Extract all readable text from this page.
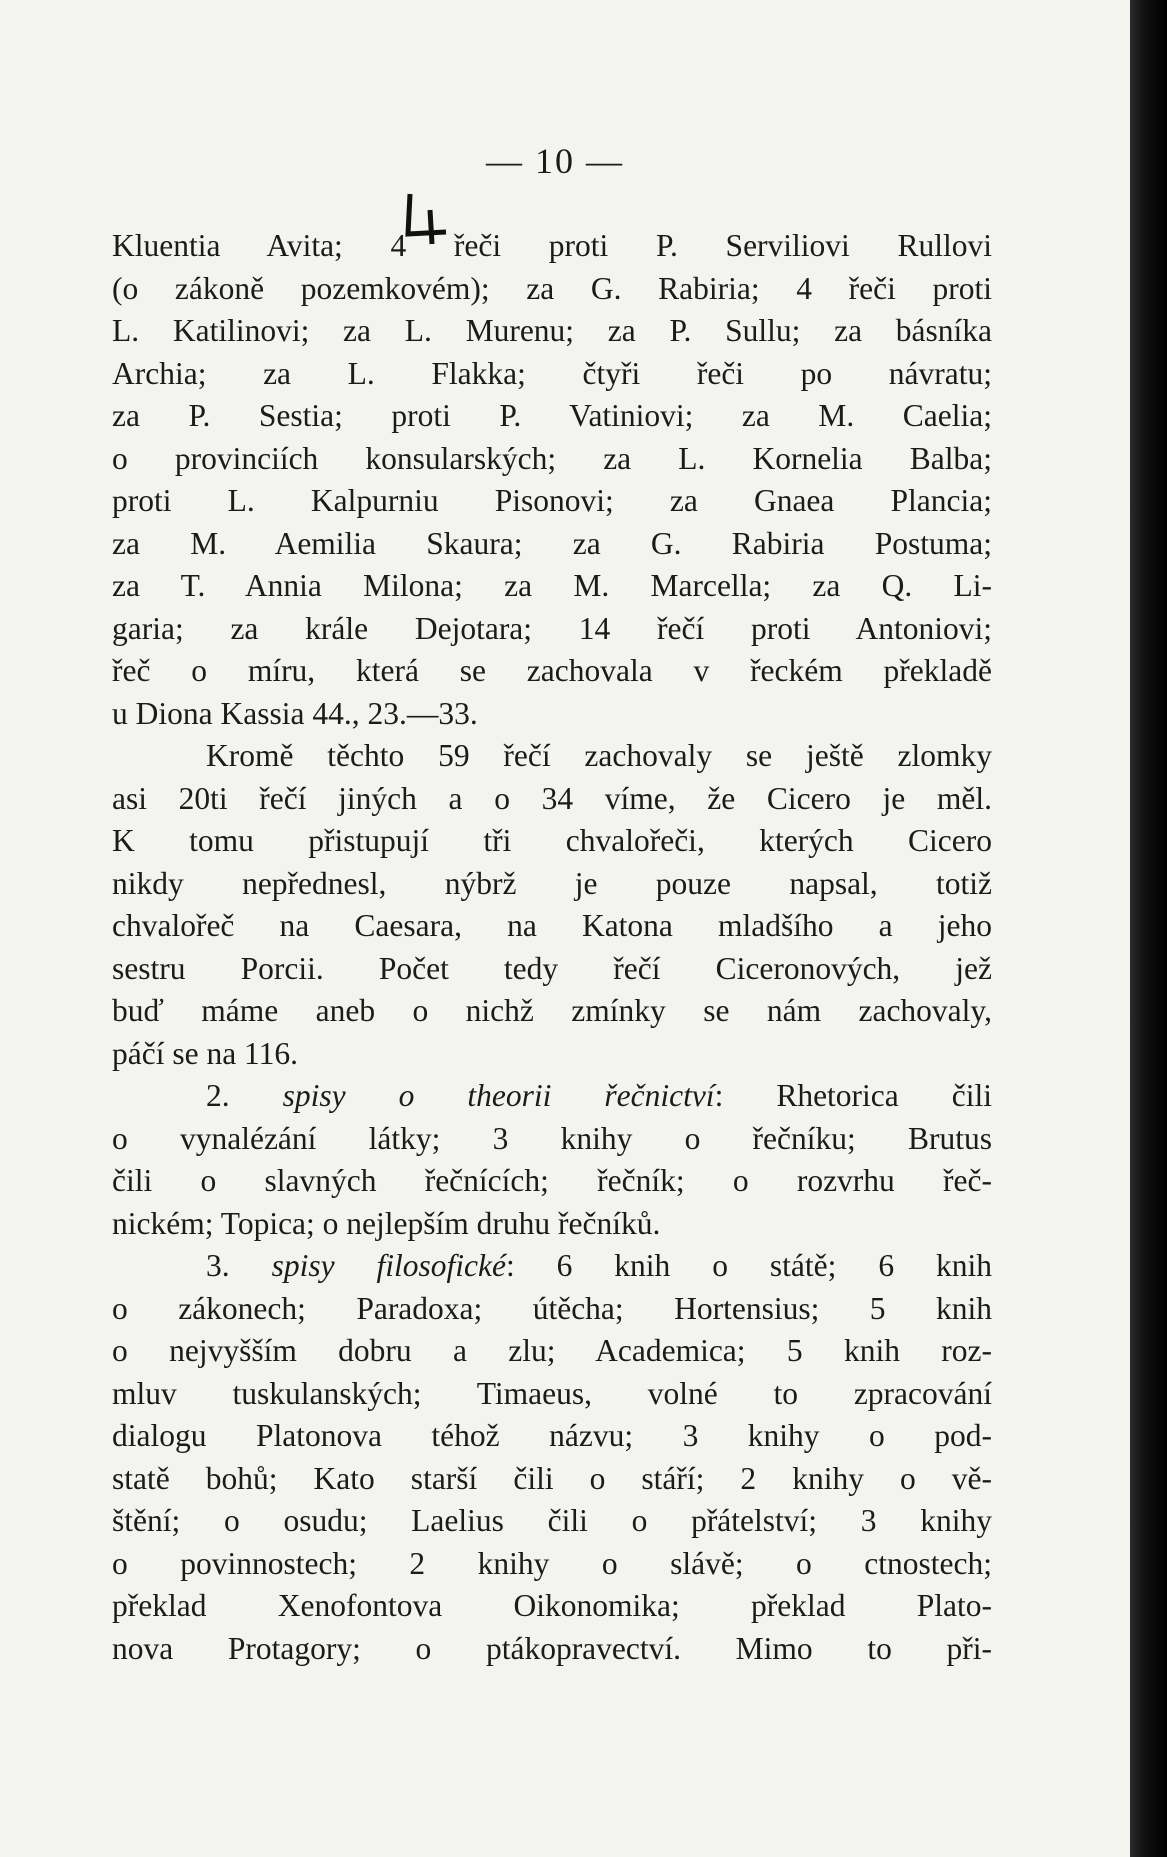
— 10 —
Kluentia Avita; 4 řeči proti P. Serviliovi Rullovi
(o zákoně pozemkovém); za G. Rabiria; 4 řeči proti
L. Katilinovi; za L. Murenu; za P. Sullu; za básníka
Archia; za L. Flakka; čtyři řeči po návratu;
za P. Sestia; proti P. Vatiniovi; za M. Caelia;
o provinciích konsularských; za L. Kornelia Balba;
proti L. Kalpurniu Pisonovi; za Gnaea Plancia;
za M. Aemilia Skaura; za G. Rabiria Postuma;
za T. Annia Milona; za M. Marcella; za Q. Li-
garia; za krále Dejotara; 14 řečí proti Antoniovi;
řeč o míru, která se zachovala v řeckém překladě
u Diona Kassia 44., 23.—33.
Kromě těchto 59 řečí zachovaly se ještě zlomky
asi 20ti řečí jiných a o 34 víme, že Cicero je měl.
K tomu přistupují tři chvalořeči, kterých Cicero
nikdy nepřednesl, nýbrž je pouze napsal, totiž
chvalořeč na Caesara, na Katona mladšího a jeho
sestru Porcii. Počet tedy řečí Ciceronových, jež
buď máme aneb o nichž zmínky se nám zachovaly,
páčí se na 116.
2. spisy o theorii řečnictví: Rhetorica čili
o vynalézání látky; 3 knihy o řečníku; Brutus
čili o slavných řečnících; řečník; o rozvrhu řeč-
nickém; Topica; o nejlepším druhu řečníků.
3. spisy filosofické: 6 knih o státě; 6 knih
o zákonech; Paradoxa; útěcha; Hortensius; 5 knih
o nejvyšším dobru a zlu; Academica; 5 knih roz-
mluv tuskulanských; Timaeus, volné to zpracování
dialogu Platonova téhož názvu; 3 knihy o pod-
statě bohů; Kato starší čili o stáří; 2 knihy o vě-
štění; o osudu; Laelius čili o přátelství; 3 knihy
o povinnostech; 2 knihy o slávě; o ctnostech;
překlad Xenofontova Oikonomika; překlad Plato-
nova Protagory; o ptákopravectví. Mimo to při-
